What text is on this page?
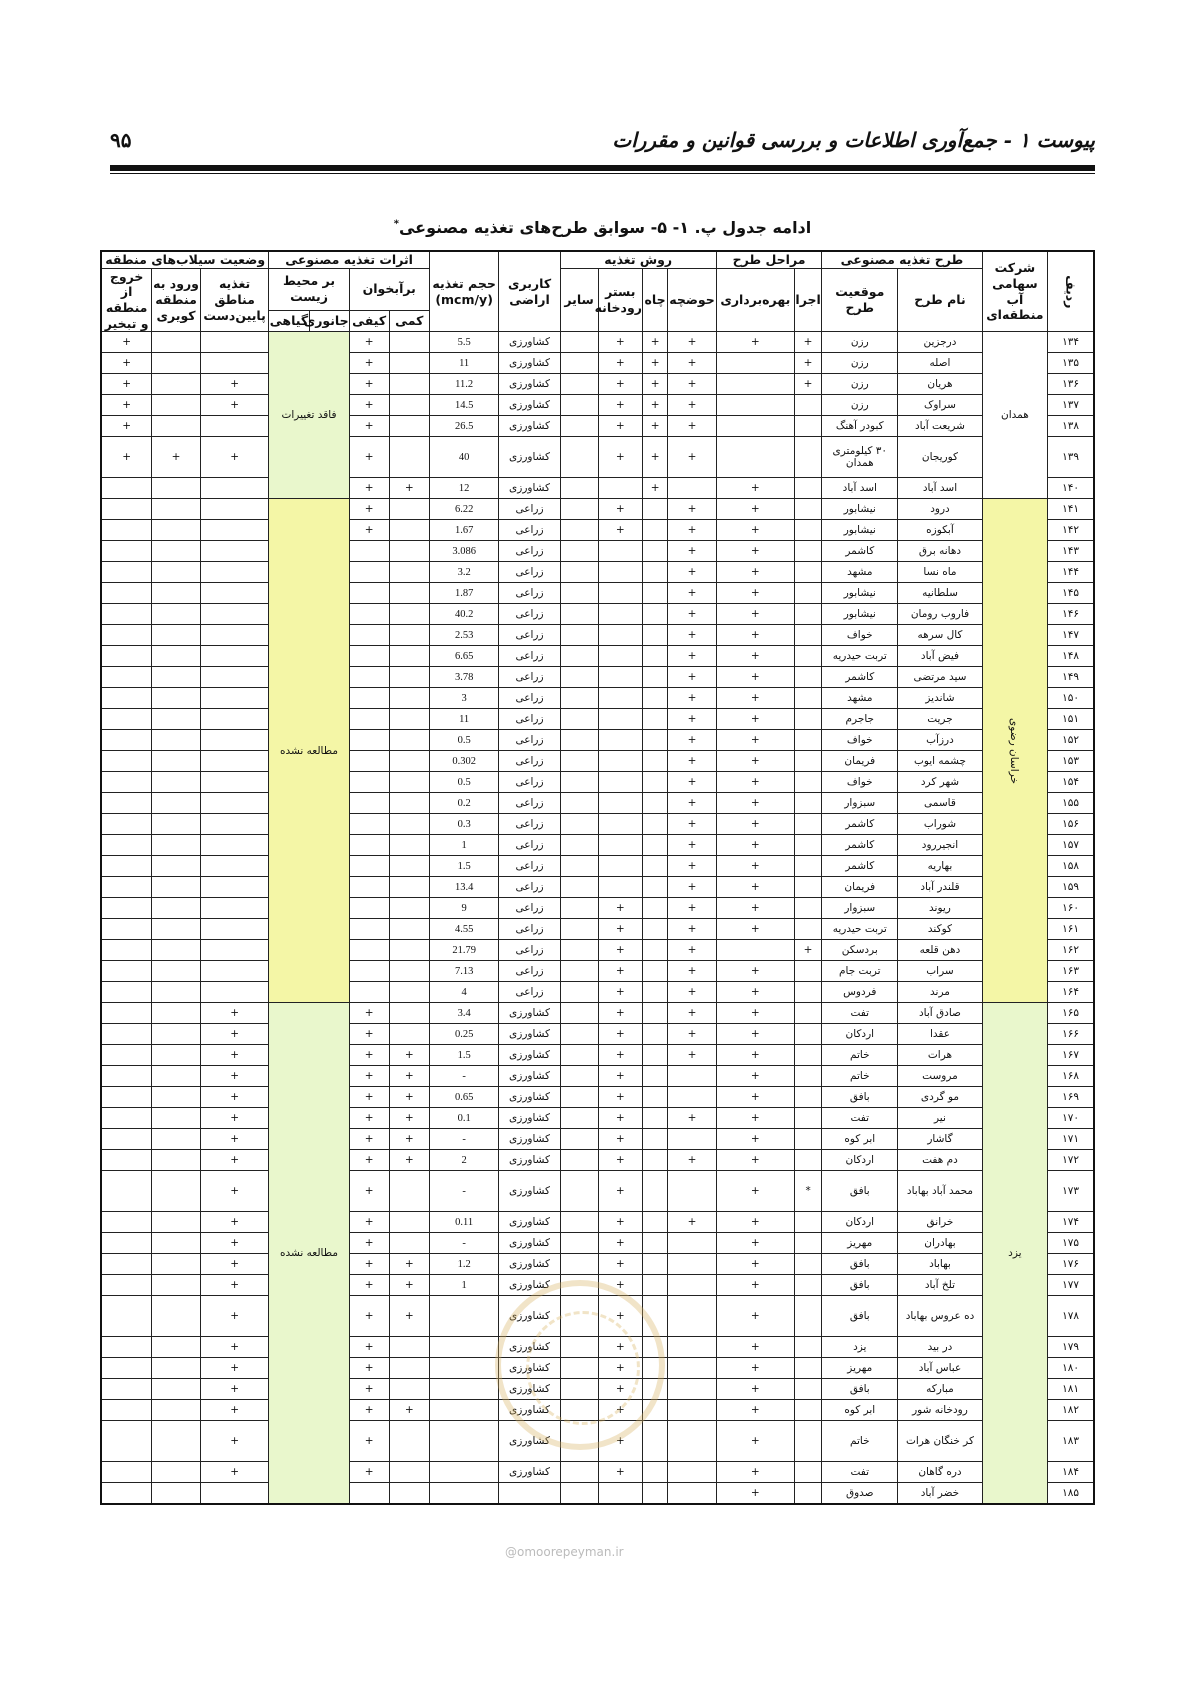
پیوست ۱ - جمع‌آوری اطلاعات و بررسی قوانین و مقررات
۹۵
ادامه جدول پ. ۱- ۵- سوابق طرح‌های تغذیه مصنوعی*
ردیف	شرکت سهامی آب منطقه‌ای	طرح تغذیه مصنوعی		مراحل طرح		روش تغذیه				کاربری اراضی	حجم تغذیه (mcm/y)	اثرات تغذیه مصنوعی				وضعیت سیلاب‌های منطقه		
		نام طرح	موقعیت طرح	اجرا	بهره‌برداری	حوضچه	چاه	بستر رودخانه	سایر			برآبخوان		بر محیط زیست		تغذیه مناطق پایین‌دست	ورود به منطقه کویری	خروج از منطقه و تبخیر
												کمی	کیفی	جانوری	گیاهی			
۱۳۴	همدان	درجزین	رزن	+	+	+	+	+		کشاورزی	5.5		+	فاقد تغییرات				+
۱۳۵		اصله	رزن	+		+	+	+		کشاورزی	11		+					+
۱۳۶		هریان	رزن	+		+	+	+		کشاورزی	11.2		+			+		+
۱۳۷		سراوک	رزن			+	+	+		کشاورزی	14.5		+			+		+
۱۳۸		شریعت آباد	کبودر آهنگ			+	+	+		کشاورزی	26.5		+					+
۱۳۹		کوریجان	۳۰ کیلومتری همدان			+	+	+		کشاورزی	40		+			+	+	+
۱۴۰		اسد آباد	اسد آباد		+		+			کشاورزی	12	+	+					
۱۴۱	خراسان رضوی	درود	نیشابور		+	+		+		زراعی	6.22		+	مطالعه نشده				
۱۴۲		آبکوزه	نیشابور		+	+		+		زراعی	1.67		+					
۱۴۳		دهانه برق	کاشمر		+	+				زراعی	3.086							
۱۴۴		ماه نسا	مشهد		+	+				زراعی	3.2							
۱۴۵		سلطانیه	نیشابور		+	+				زراعی	1.87							
۱۴۶		فاروب رومان	نیشابور		+	+				زراعی	40.2							
۱۴۷		کال سرهه	خواف		+	+				زراعی	2.53							
۱۴۸		فیض آباد	تربت حیدریه		+	+				زراعی	6.65							
۱۴۹		سید مرتضی	کاشمر		+	+				زراعی	3.78							
۱۵۰		شاندیز	مشهد		+	+				زراعی	3							
۱۵۱		جریت	جاجرم		+	+				زراعی	11							
۱۵۲		درزآب	خواف		+	+				زراعی	0.5							
۱۵۳		چشمه ایوب	فریمان		+	+				زراعی	0.302							
۱۵۴		شهر کرد	خواف		+	+				زراعی	0.5							
۱۵۵		قاسمی	سبزوار		+	+				زراعی	0.2							
۱۵۶		شوراب	کاشمر		+	+				زراعی	0.3							
۱۵۷		انجیررود	کاشمر		+	+				زراعی	1							
۱۵۸		بهاریه	کاشمر		+	+				زراعی	1.5							
۱۵۹		قلندر آباد	فریمان		+	+				زراعی	13.4							
۱۶۰		ریوند	سبزوار		+	+		+		زراعی	9							
۱۶۱		کوکند	تربت حیدریه		+	+		+		زراعی	4.55							
۱۶۲		دهن قلعه	بردسکن	+		+		+		زراعی	21.79							
۱۶۳		سراب	تربت جام		+	+		+		زراعی	7.13							
۱۶۴		مرند	فردوس		+	+		+		زراعی	4							
۱۶۵	یزد	صادق آباد	تفت		+	+		+		کشاورزی	3.4		+	مطالعه نشده		+		
۱۶۶		عقدا	اردکان		+	+		+		کشاورزی	0.25		+			+		
۱۶۷		هرات	خاتم		+	+		+		کشاورزی	1.5	+	+			+		
۱۶۸		مروست	خاتم		+			+		کشاورزی	-	+	+			+		
۱۶۹		مو گردی	بافق		+			+		کشاورزی	0.65	+	+			+		
۱۷۰		نیر	تفت		+	+		+		کشاورزی	0.1	+	+			+		
۱۷۱		گاشار	ابر کوه		+			+		کشاورزی	-	+	+			+		
۱۷۲		دم هفت	اردکان		+	+		+		کشاورزی	2	+	+			+		
۱۷۳		محمد آباد بهاباد	بافق	*	+			+		کشاورزی	-		+			+		
۱۷۴		خرانق	اردکان		+	+		+		کشاورزی	0.11		+			+		
۱۷۵		بهادران	مهریز		+			+		کشاورزی	-		+			+		
۱۷۶		بهاباد	بافق		+			+		کشاورزی	1.2	+	+			+		
۱۷۷		تلخ آباد	بافق		+			+		کشاورزی	1	+	+			+		
۱۷۸		ده عروس بهاباد	بافق		+			+		کشاورزی		+	+			+		
۱۷۹		در بید	یزد		+			+		کشاورزی			+			+		
۱۸۰		عباس آباد	مهریز		+			+		کشاورزی			+			+		
۱۸۱		مبارکه	بافق		+			+		کشاورزی			+			+		
۱۸۲		رودخانه شور	ابر کوه		+			+		کشاورزی		+	+			+		
۱۸۳		کر خنگان هرات	خاتم		+			+		کشاورزی			+			+		
۱۸۴		دره گاهان	تفت		+			+		کشاورزی			+			+		
۱۸۵		خضر آباد	صدوق		+													
@omoorepeyman.ir
